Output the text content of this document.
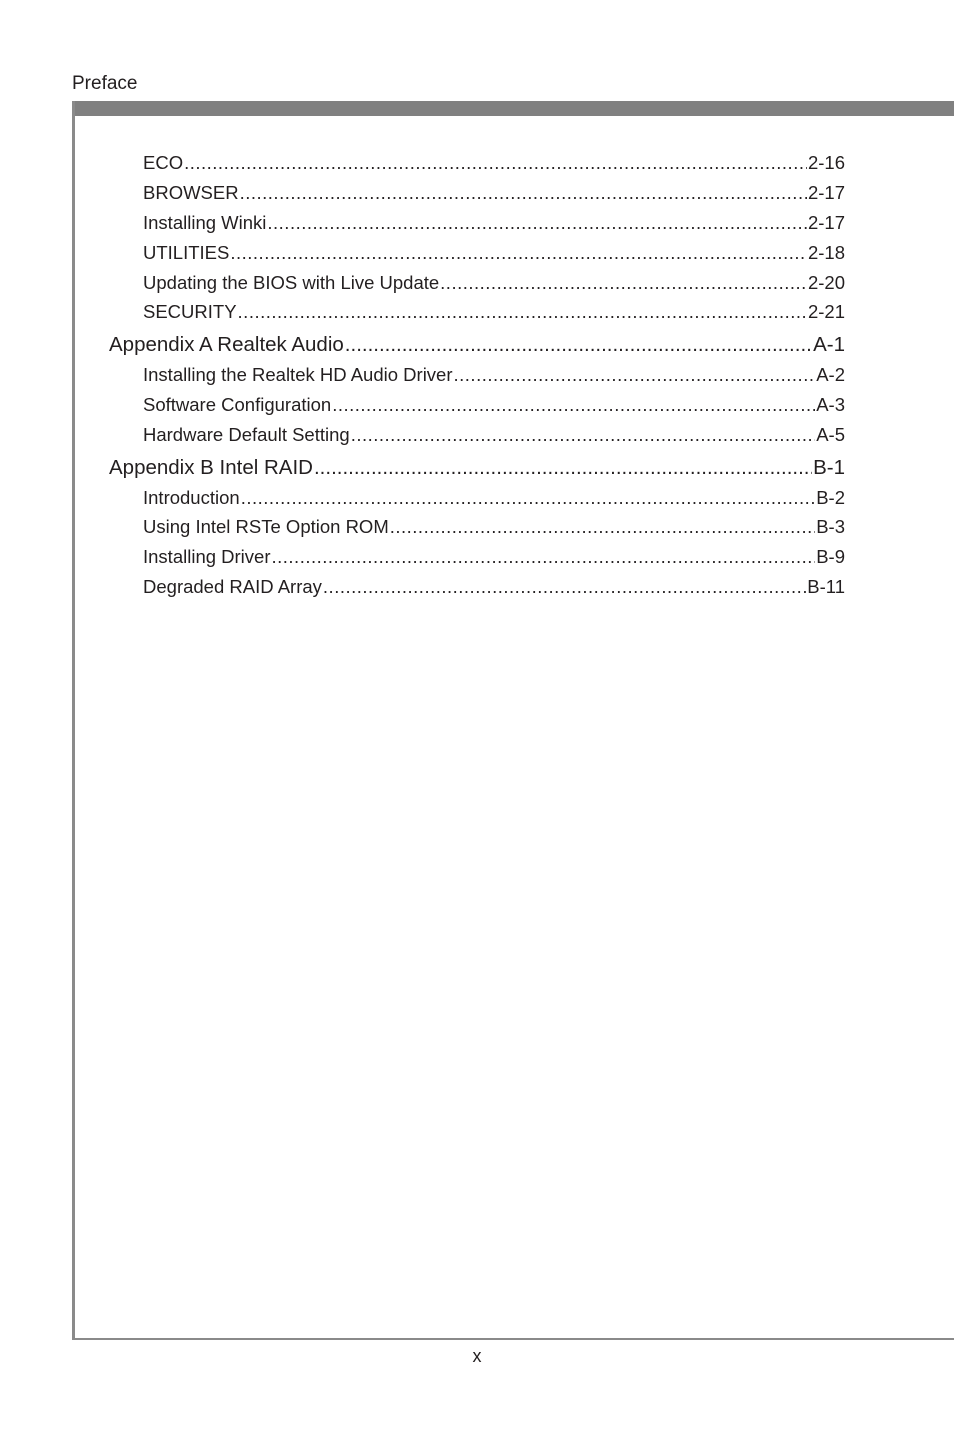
Preface
ECO .....	2-16
BROWSER .....	2-17
Installing Winki .....	2-17
UTILITIES .....	2-18
Updating the BIOS with Live Update .....	2-20
SECURITY .....	2-21
Appendix A Realtek Audio .....	A-1
Installing the Realtek HD Audio Driver .....	A-2
Software Configuration .....	A-3
Hardware Default Setting .....	A-5
Appendix B Intel RAID .....	B-1
Introduction .....	B-2
Using Intel RSTe Option ROM .....	B-3
Installing Driver .....	B-9
Degraded RAID Array .....	B-11
x
